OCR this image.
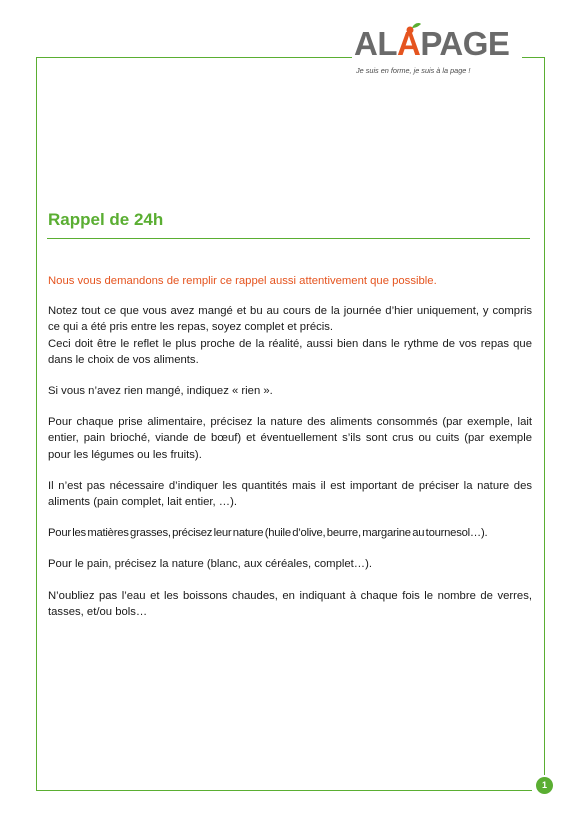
ALAPAGE
Je suis en forme, je suis à la page !
Rappel de 24h

Nous vous demandons de remplir ce rappel aussi attentivement que possible.

Notez tout ce que vous avez mangé et bu au cours de la journée d’hier uniquement, y compris ce qui a été pris entre les repas, soyez complet et précis.

Ceci doit être le reflet le plus proche de la réalité, aussi bien dans le rythme de vos repas que dans le choix de vos aliments.

Si vous n’avez rien mangé, indiquez « rien ».

Pour chaque prise alimentaire, précisez la nature des aliments consommés (par exemple, lait entier, pain brioché, viande de bœuf) et éventuellement s’ils sont crus ou cuits (par exemple pour les légumes ou les fruits).

Il n’est pas nécessaire d’indiquer les quantités mais il est important de préciser la nature des aliments (pain complet, lait entier, …).

Pour les matières grasses, précisez leur nature (huile d’olive, beurre, margarine au tournesol…).

Pour le pain, précisez la nature (blanc, aux céréales, complet…).

N’oubliez pas l’eau et les boissons chaudes, en indiquant à chaque fois le nombre de verres, tasses, et/ou bols…

1
